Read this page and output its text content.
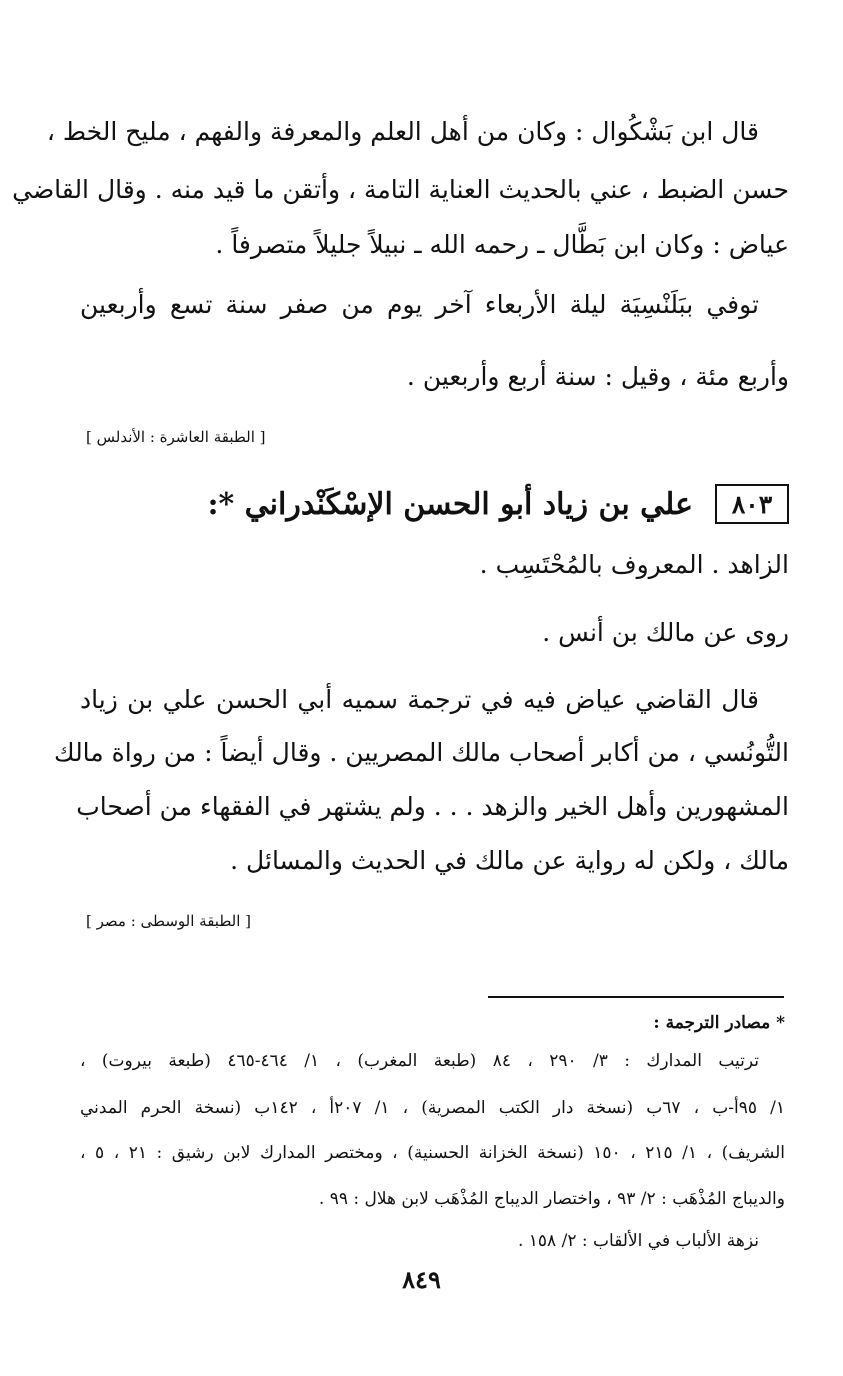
قال ابن بَشْكُوال : وكان من أهل العلم والمعرفة والفهم ، مليح الخط ،
حسن الضبط ، عني بالحديث العناية التامة ، وأتقن ما قيد منه . وقال القاضي
عياض : وكان ابن بَطَّال ـ رحمه الله ـ نبيلاً جليلاً متصرفاً .
توفي ببَلَنْسِيَة ليلة الأربعاء آخر يوم من صفر سنة تسع وأربعين
وأربع مئة ، وقيل : سنة أربع وأربعين .
[ الطبقة العاشرة : الأندلس ]
٨٠٣
علي بن زياد أبو الحسن الإسْكَنْدراني *:
الزاهد . المعروف بالمُحْتَسِب .
روى عن مالك بن أنس .
قال القاضي عياض فيه في ترجمة سميه أبي الحسن علي بن زياد
التُّونُسي ، من أكابر أصحاب مالك المصريين . وقال أيضاً : من رواة مالك
المشهورين وأهل الخير والزهد . . . ولم يشتهر في الفقهاء من أصحاب
مالك ، ولكن له رواية عن مالك في الحديث والمسائل .
[ الطبقة الوسطى : مصر ]
* مصادر الترجمة :
ترتيب المدارك : ٣/ ٢٩٠ ، ٨٤ (طبعة المغرب) ، ١/ ٤٦٤-٤٦٥ (طبعة بيروت) ،
١/ ٩٥أ-ب ، ٦٧ب (نسخة دار الكتب المصرية) ، ١/ ٢٠٧أ ، ١٤٢ب (نسخة الحرم المدني
الشريف) ، ١/ ٢١٥ ، ١٥٠ (نسخة الخزانة الحسنية) ، ومختصر المدارك لابن رشيق : ٢١ ، ٥ ،
والديباج المُذْهَب : ٢/ ٩٣ ، واختصار الديباج المُذْهَب لابن هلال : ٩٩ .
نزهة الألباب في الألقاب : ٢/ ١٥٨ .
٨٤٩
